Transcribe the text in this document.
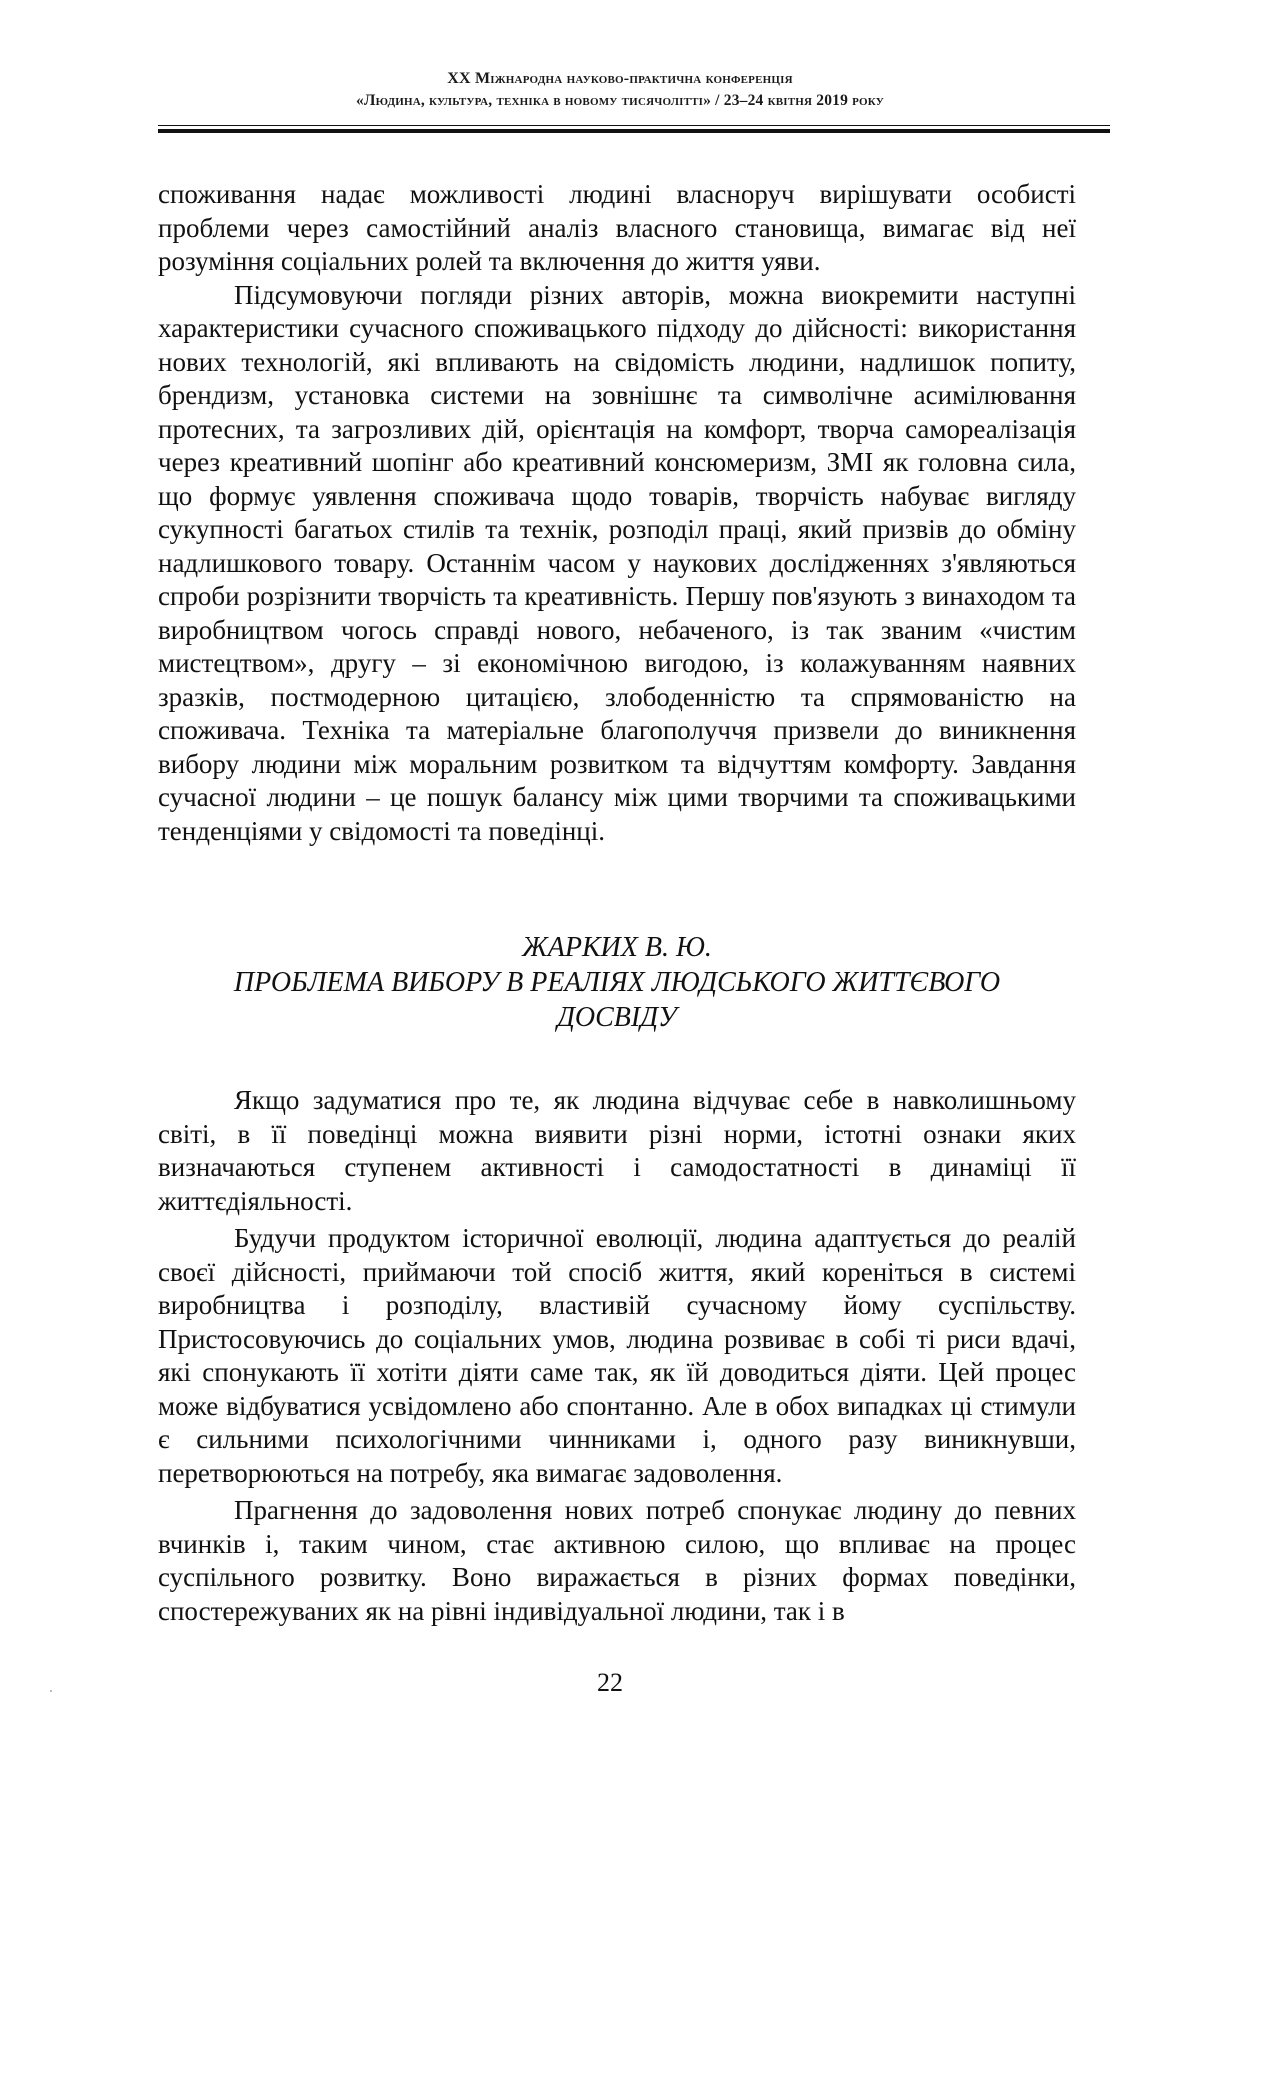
XX Міжнародна науково-практична конференція
«Людина, культура, техніка в новому тисячолітті» / 23–24 квітня 2019 року

споживання надає можливості людині власноруч вирішувати особисті проблеми через самостійний аналіз власного становища, вимагає від неї розуміння соціальних ролей та включення до життя уяви.

Підсумовуючи погляди різних авторів, можна виокремити наступні характеристики сучасного споживацького підходу до дійсності: використання нових технологій, які впливають на свідомість людини, надлишок попиту, брендизм, установка системи на зовнішнє та символічне асимілювання протесних, та загрозливих дій, орієнтація на комфорт, творча самореалізація через креативний шопінг або креативний консюмеризм, ЗМІ як головна сила, що формує уявлення споживача щодо товарів, творчість набуває вигляду сукупності багатьох стилів та технік, розподіл праці, який призвів до обміну надлишкового товару. Останнім часом у наукових дослідженнях з'являються спроби розрізнити творчість та креативність. Першу пов'язують з винаходом та виробництвом чогось справді нового, небаченого, із так званим «чистим мистецтвом», другу – зі економічною вигодою, із колажуванням наявних зразків, постмодерною цитацією, злободенністю та спрямованістю на споживача. Техніка та матеріальне благополуччя призвели до виникнення вибору людини між моральним розвитком та відчуттям комфорту. Завдання сучасної людини – це пошук балансу між цими творчими та споживацькими тенденціями у свідомості та поведінці.

ЖАРКИХ В. Ю.
ПРОБЛЕМА ВИБОРУ В РЕАЛІЯХ ЛЮДСЬКОГО ЖИТТЄВОГО
ДОСВІДУ

Якщо задуматися про те, як людина відчуває себе в навколишньому світі, в її поведінці можна виявити різні норми, істотні ознаки яких визначаються ступенем активності і самодостатності в динаміці її життєдіяльності.

Будучи продуктом історичної еволюції, людина адаптується до реалій своєї дійсності, приймаючи той спосіб життя, який кореніться в системі виробництва і розподілу, властивій сучасному йому суспільству. Пристосовуючись до соціальних умов, людина розвиває в собі ті риси вдачі, які спонукають її хотіти діяти саме так, як їй доводиться діяти. Цей процес може відбуватися усвідомлено або спонтанно. Але в обох випадках ці стимули є сильними психологічними чинниками і, одного разу виникнувши, перетворюються на потребу, яка вимагає задоволення.

Прагнення до задоволення нових потреб спонукає людину до певних вчинків і, таким чином, стає активною силою, що впливає на процес суспільного розвитку. Воно виражається в різних формах поведінки, спостережуваних як на рівні індивідуальної людини, так і в

22
